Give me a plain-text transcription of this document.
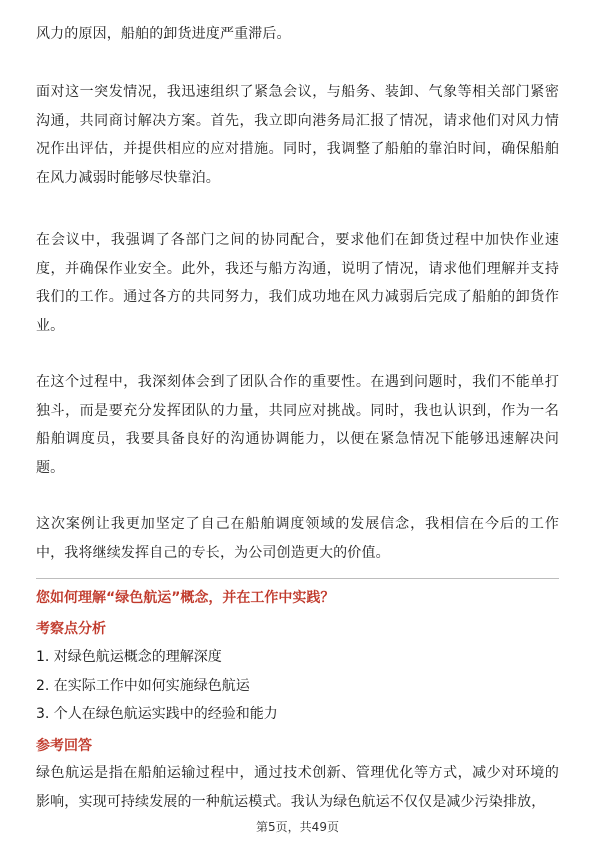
风力的原因，船舶的卸货进度严重滞后。

面对这一突发情况，我迅速组织了紧急会议，与船务、装卸、气象等相关部门紧密沟通，共同商讨解决方案。首先，我立即向港务局汇报了情况，请求他们对风力情况作出评估，并提供相应的应对措施。同时，我调整了船舶的靠泊时间，确保船舶在风力减弱时能够尽快靠泊。

在会议中，我强调了各部门之间的协同配合，要求他们在卸货过程中加快作业速度，并确保作业安全。此外，我还与船方沟通，说明了情况，请求他们理解并支持我们的工作。通过各方的共同努力，我们成功地在风力减弱后完成了船舶的卸货作业。

在这个过程中，我深刻体会到了团队合作的重要性。在遇到问题时，我们不能单打独斗，而是要充分发挥团队的力量，共同应对挑战。同时，我也认识到，作为一名船舶调度员，我要具备良好的沟通协调能力，以便在紧急情况下能够迅速解决问题。

这次案例让我更加坚定了自己在船舶调度领域的发展信念，我相信在今后的工作中，我将继续发挥自己的专长，为公司创造更大的价值。

您如何理解“绿色航运”概念，并在工作中实践？

考察点分析

1. 对绿色航运概念的理解深度
2. 在实际工作中如何实施绿色航运
3. 个人在绿色航运实践中的经验和能力

参考回答

绿色航运是指在船舶运输过程中，通过技术创新、管理优化等方式，减少对环境的影响，实现可持续发展的一种航运模式。我认为绿色航运不仅仅是减少污染排放，

第5页，共49页
